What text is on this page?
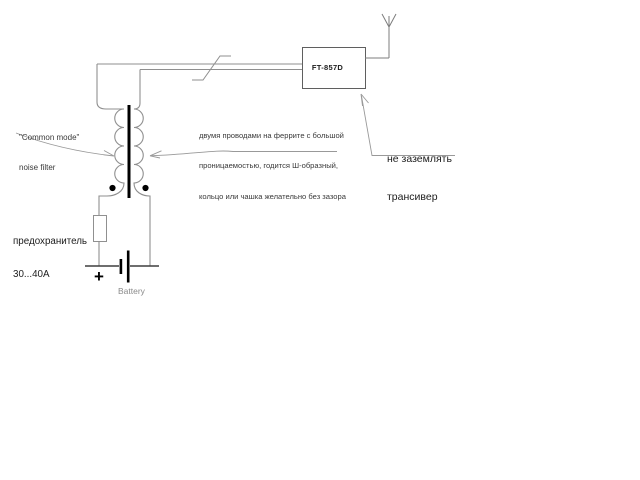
FT-857D

"Common mode"

noise filter

двумя проводами на феррите с большой

проницаемостью, годится Ш-образный,

кольцо или чашка желательно без зазора

не заземлять

трансивер

предохранитель

30...40A

	+
Battery
